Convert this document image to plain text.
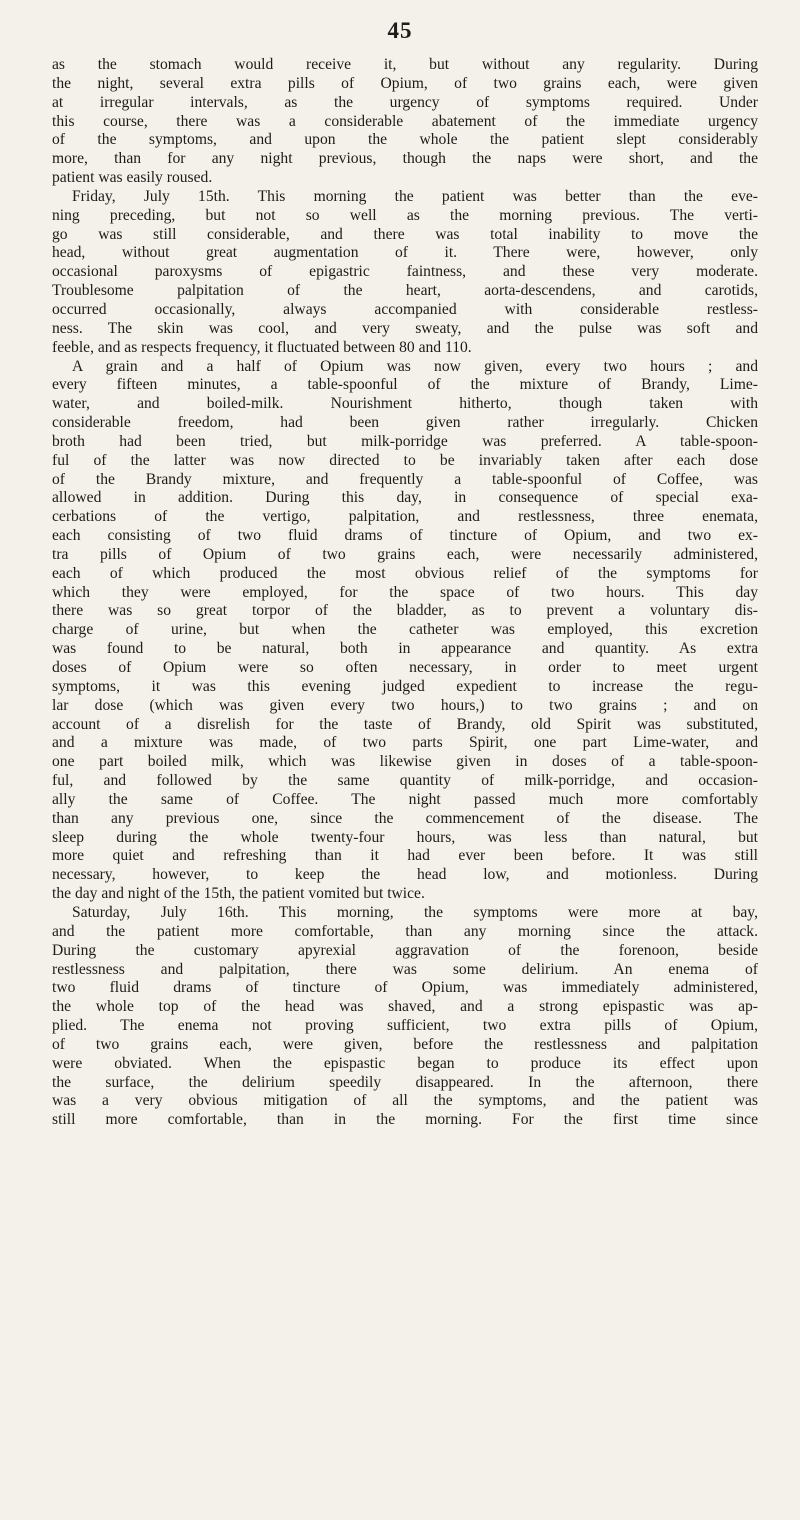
45
as the stomach would receive it, but without any regularity. During
the night, several extra pills of Opium, of two grains each, were given
at irregular intervals, as the urgency of symptoms required. Under
this course, there was a considerable abatement of the immediate urgency
of the symptoms, and upon the whole the patient slept considerably
more, than for any night previous, though the naps were short, and the
patient was easily roused.
Friday, July 15th. This morning the patient was better than the eve-
ning preceding, but not so well as the morning previous. The verti-
go was still considerable, and there was total inability to move the
head, without great augmentation of it. There were, however, only
occasional paroxysms of epigastric faintness, and these very moderate.
Troublesome palpitation of the heart, aorta-descendens, and carotids,
occurred occasionally, always accompanied with considerable restless-
ness. The skin was cool, and very sweaty, and the pulse was soft and
feeble, and as respects frequency, it fluctuated between 80 and 110.
A grain and a half of Opium was now given, every two hours ; and
every fifteen minutes, a table-spoonful of the mixture of Brandy, Lime-
water, and boiled-milk. Nourishment hitherto, though taken with
considerable freedom, had been given rather irregularly. Chicken
broth had been tried, but milk-porridge was preferred. A table-spoon-
ful of the latter was now directed to be invariably taken after each dose
of the Brandy mixture, and frequently a table-spoonful of Coffee, was
allowed in addition. During this day, in consequence of special exa-
cerbations of the vertigo, palpitation, and restlessness, three enemata,
each consisting of two fluid drams of tincture of Opium, and two ex-
tra pills of Opium of two grains each, were necessarily administered,
each of which produced the most obvious relief of the symptoms for
which they were employed, for the space of two hours. This day
there was so great torpor of the bladder, as to prevent a voluntary dis-
charge of urine, but when the catheter was employed, this excretion
was found to be natural, both in appearance and quantity. As extra
doses of Opium were so often necessary, in order to meet urgent
symptoms, it was this evening judged expedient to increase the regu-
lar dose (which was given every two hours,) to two grains ; and on
account of a disrelish for the taste of Brandy, old Spirit was substituted,
and a mixture was made, of two parts Spirit, one part Lime-water, and
one part boiled milk, which was likewise given in doses of a table-spoon-
ful, and followed by the same quantity of milk-porridge, and occasion-
ally the same of Coffee. The night passed much more comfortably
than any previous one, since the commencement of the disease. The
sleep during the whole twenty-four hours, was less than natural, but
more quiet and refreshing than it had ever been before. It was still
necessary, however, to keep the head low, and motionless. During
the day and night of the 15th, the patient vomited but twice.
Saturday, July 16th. This morning, the symptoms were more at bay,
and the patient more comfortable, than any morning since the attack.
During the customary apyrexial aggravation of the forenoon, beside
restlessness and palpitation, there was some delirium. An enema of
two fluid drams of tincture of Opium, was immediately administered,
the whole top of the head was shaved, and a strong epispastic was ap-
plied. The enema not proving sufficient, two extra pills of Opium,
of two grains each, were given, before the restlessness and palpitation
were obviated. When the epispastic began to produce its effect upon
the surface, the delirium speedily disappeared. In the afternoon, there
was a very obvious mitigation of all the symptoms, and the patient was
still more comfortable, than in the morning. For the first time since
